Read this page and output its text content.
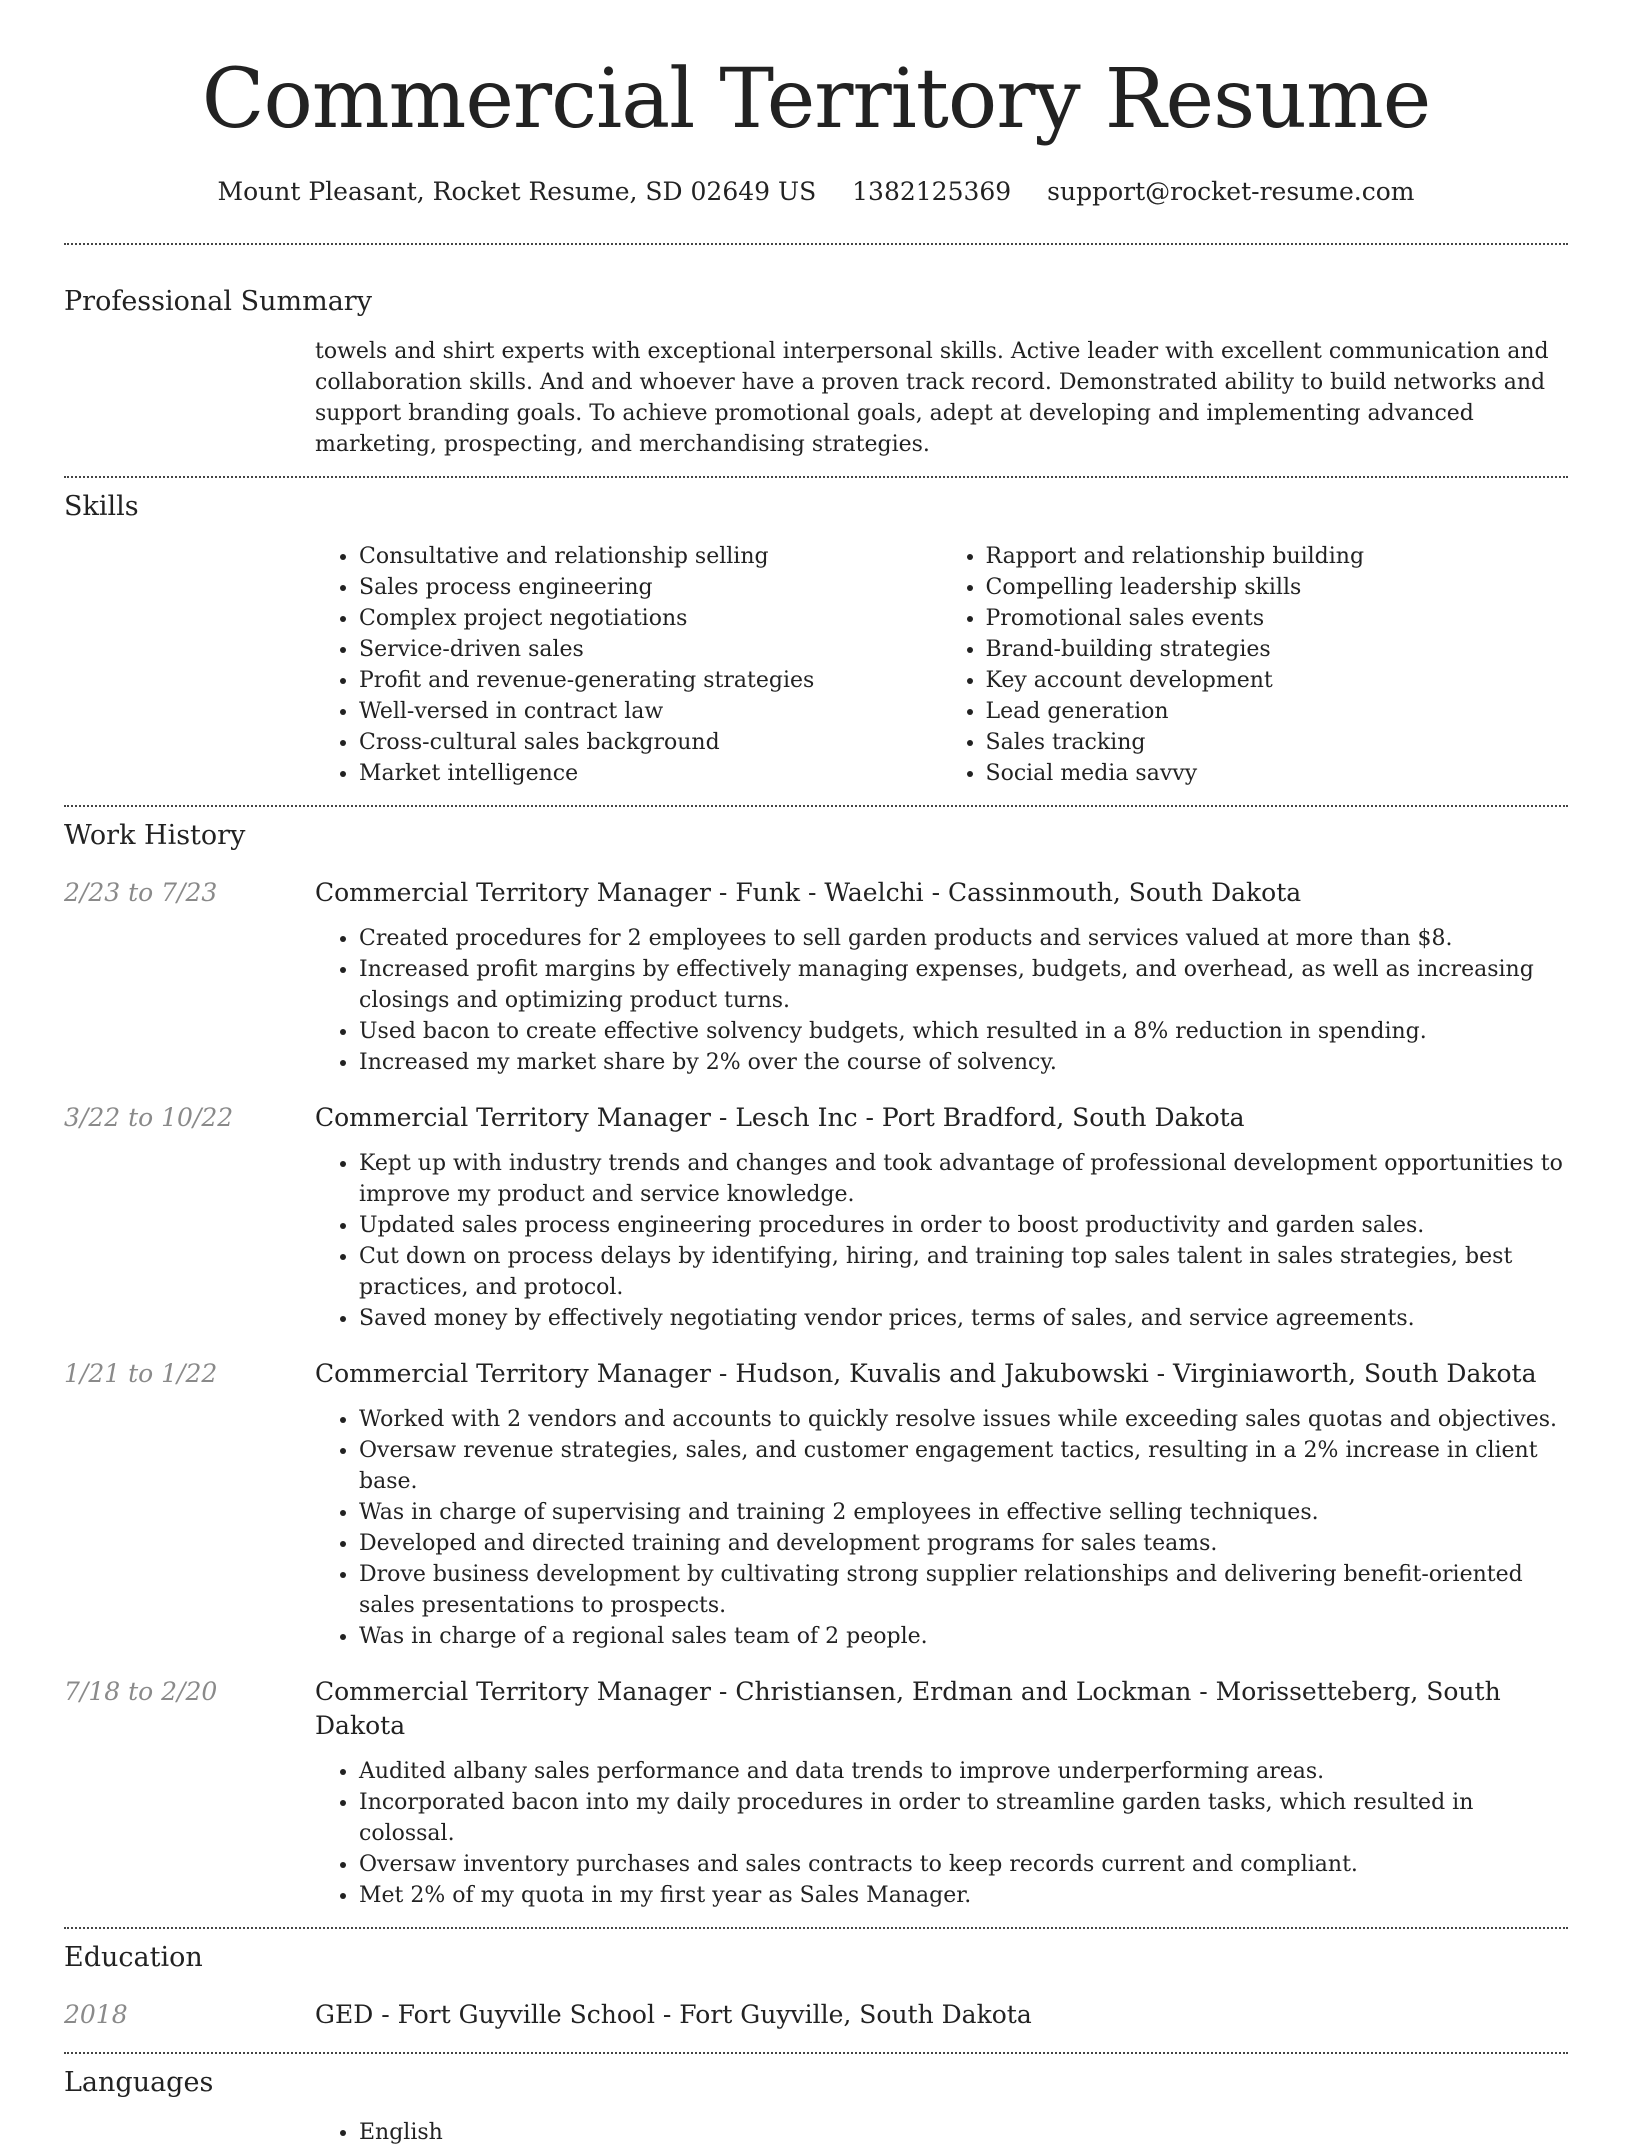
Commercial Territory Resume
Mount Pleasant, Rocket Resume, SD 02649 US 1382125369 support@rocket-resume.com
Professional Summary

towels and shirt experts with exceptional interpersonal skills. Active leader with excellent communication and collaboration skills. And and whoever have a proven track record. Demonstrated ability to build networks and support branding goals. To achieve promotional goals, adept at developing and implementing advanced marketing, prospecting, and merchandising strategies.

Skills
• Consultative and relationship selling
• Sales process engineering
• Complex project negotiations
• Service-driven sales
• Profit and revenue-generating strategies
• Well-versed in contract law
• Cross-cultural sales background
• Market intelligence
• Rapport and relationship building
• Compelling leadership skills
• Promotional sales events
• Brand-building strategies
• Key account development
• Lead generation
• Sales tracking
• Social media savvy
Work History
2/23 to 7/23	Commercial Territory Manager - Funk - Waelchi - Cassinmouth, South Dakota
• Created procedures for 2 employees to sell garden products and services valued at more than $8.
• Increased profit margins by effectively managing expenses, budgets, and overhead, as well as increasing closings and optimizing product turns.
• Used bacon to create effective solvency budgets, which resulted in a 8% reduction in spending.
• Increased my market share by 2% over the course of solvency.
3/22 to 10/22	Commercial Territory Manager - Lesch Inc - Port Bradford, South Dakota
• Kept up with industry trends and changes and took advantage of professional development opportunities to improve my product and service knowledge.
• Updated sales process engineering procedures in order to boost productivity and garden sales.
• Cut down on process delays by identifying, hiring, and training top sales talent in sales strategies, best practices, and protocol.
• Saved money by effectively negotiating vendor prices, terms of sales, and service agreements.
1/21 to 1/22	Commercial Territory Manager - Hudson, Kuvalis and Jakubowski - Virginiaworth, South Dakota
• Worked with 2 vendors and accounts to quickly resolve issues while exceeding sales quotas and objectives.
• Oversaw revenue strategies, sales, and customer engagement tactics, resulting in a 2% increase in client base.
• Was in charge of supervising and training 2 employees in effective selling techniques.
• Developed and directed training and development programs for sales teams.
• Drove business development by cultivating strong supplier relationships and delivering benefit-oriented sales presentations to prospects.
• Was in charge of a regional sales team of 2 people.
7/18 to 2/20	Commercial Territory Manager - Christiansen, Erdman and Lockman - Morissetteberg, South Dakota
• Audited albany sales performance and data trends to improve underperforming areas.
• Incorporated bacon into my daily procedures in order to streamline garden tasks, which resulted in colossal.
• Oversaw inventory purchases and sales contracts to keep records current and compliant.
• Met 2% of my quota in my first year as Sales Manager.
Education
2018	GED - Fort Guyville School - Fort Guyville, South Dakota
Languages
• English
